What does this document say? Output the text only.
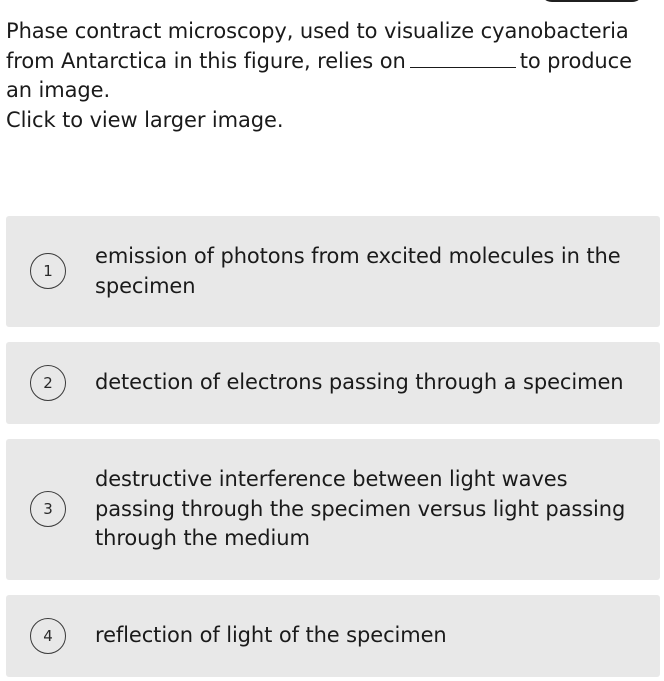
Phase contract microscopy, used to visualize cyanobacteria from Antarctica in this figure, relies on	to produce an image.

Click to view larger image.

1
emission of photons from excited molecules in the specimen
2	detection of electrons passing through a specimen
3
destructive interference between light waves passing through the specimen versus light passing through the medium
4	reflection of light of the specimen
